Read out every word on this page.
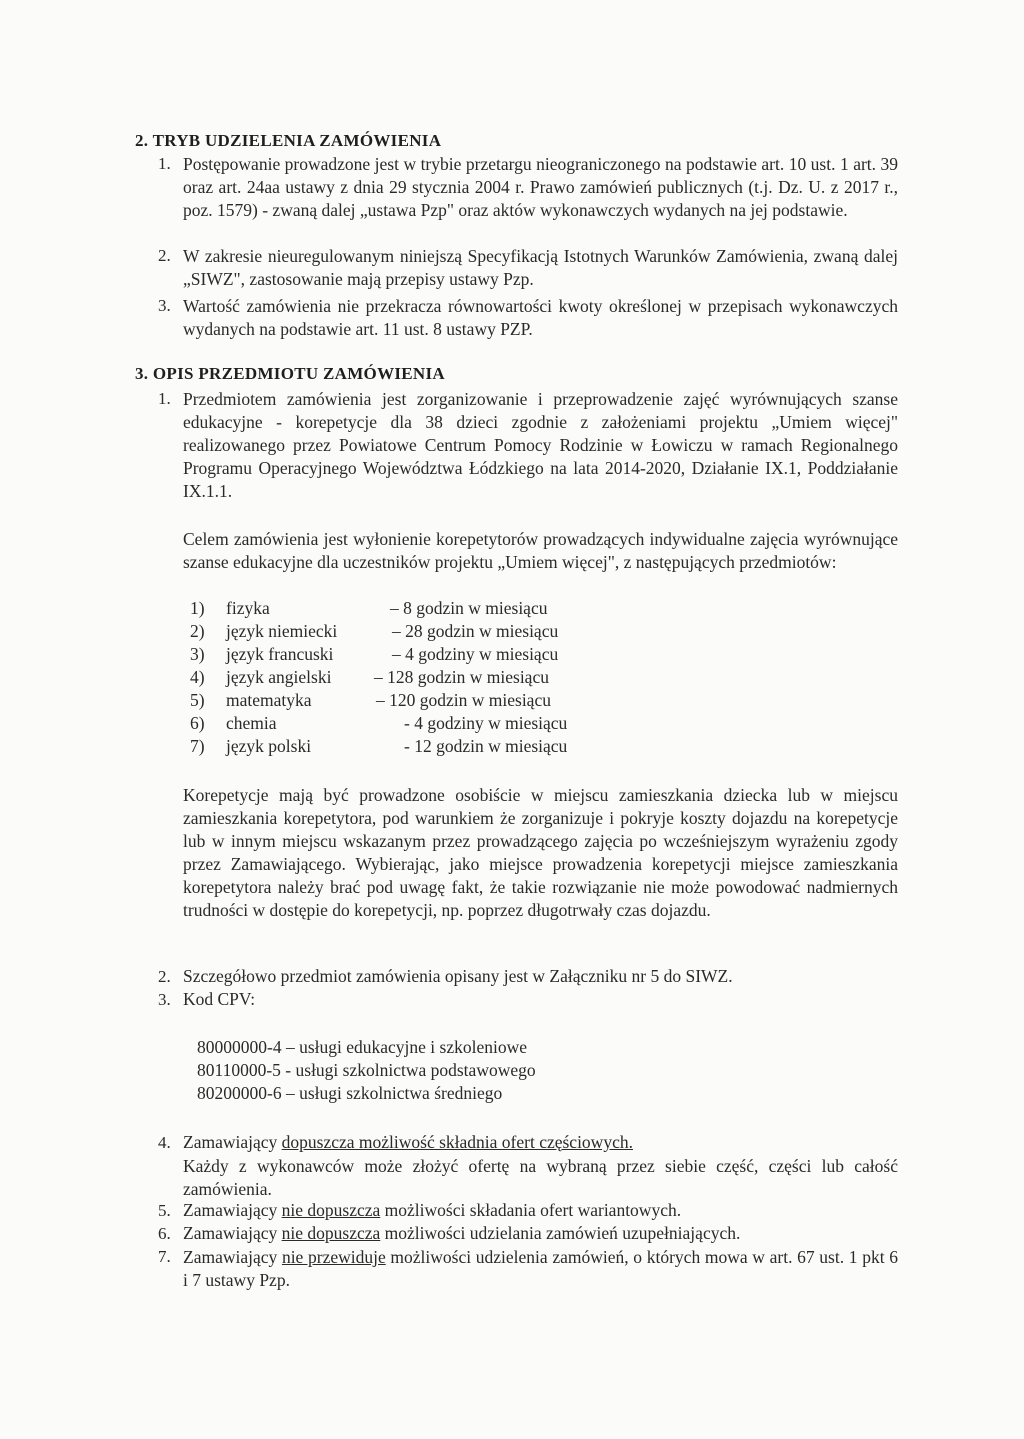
2. TRYB UDZIELENIA ZAMÓWIENIA
1. Postępowanie prowadzone jest w trybie przetargu nieograniczonego na podstawie art. 10 ust. 1 art. 39 oraz art. 24aa ustawy z dnia 29 stycznia 2004 r. Prawo zamówień publicznych (t.j. Dz. U. z 2017 r., poz. 1579) - zwaną dalej „ustawa Pzp" oraz aktów wykonawczych wydanych na jej podstawie.
2. W zakresie nieuregulowanym niniejszą Specyfikacją Istotnych Warunków Zamówienia, zwaną dalej „SIWZ", zastosowanie mają przepisy ustawy Pzp.
3. Wartość zamówienia nie przekracza równowartości kwoty określonej w przepisach wykonawczych wydanych na podstawie art. 11 ust. 8 ustawy PZP.
3. OPIS PRZEDMIOTU ZAMÓWIENIA
1. Przedmiotem zamówienia jest zorganizowanie i przeprowadzenie zajęć wyrównujących szanse edukacyjne - korepetycje dla 38 dzieci zgodnie z założeniami projektu „Umiem więcej" realizowanego przez Powiatowe Centrum Pomocy Rodzinie w Łowiczu w ramach Regionalnego Programu Operacyjnego Województwa Łódzkiego na lata 2014-2020, Działanie IX.1, Poddziałanie IX.1.1.
Celem zamówienia jest wyłonienie korepetytorów prowadzących indywidualne zajęcia wyrównujące szanse edukacyjne dla uczestników projektu „Umiem więcej", z następujących przedmiotów:
1) fizyka	– 8 godzin w miesiącu
2) język niemiecki	– 28 godzin w miesiącu
3) język francuski	– 4 godziny w miesiącu
4) język angielski – 128 godzin w miesiącu
5) matematyka	– 120 godzin w miesiącu
6) chemia	- 4 godziny w miesiącu
7) język polski	- 12 godzin w miesiącu
Korepetycje mają być prowadzone osobiście w miejscu zamieszkania dziecka lub w miejscu zamieszkania korepetytora, pod warunkiem że zorganizuje i pokryje koszty dojazdu na korepetycje lub w innym miejscu wskazanym przez prowadzącego zajęcia po wcześniejszym wyrażeniu zgody przez Zamawiającego. Wybierając, jako miejsce prowadzenia korepetycji miejsce zamieszkania korepetytora należy brać pod uwagę fakt, że takie rozwiązanie nie może powodować nadmiernych trudności w dostępie do korepetycji, np. poprzez długotrwały czas dojazdu.
2. Szczegółowo przedmiot zamówienia opisany jest w Załączniku nr 5 do SIWZ.
3. Kod CPV:
80000000-4 – usługi edukacyjne i szkoleniowe
80110000-5 - usługi szkolnictwa podstawowego
80200000-6 – usługi szkolnictwa średniego
4. Zamawiający dopuszcza możliwość składnia ofert częściowych.
Każdy z wykonawców może złożyć ofertę na wybraną przez siebie część, części lub całość zamówienia.
5. Zamawiający nie dopuszcza możliwości składania ofert wariantowych.
6. Zamawiający nie dopuszcza możliwości udzielania zamówień uzupełniających.
7. Zamawiający nie przewiduje możliwości udzielenia zamówień, o których mowa w art. 67 ust. 1 pkt 6 i 7 ustawy Pzp.
